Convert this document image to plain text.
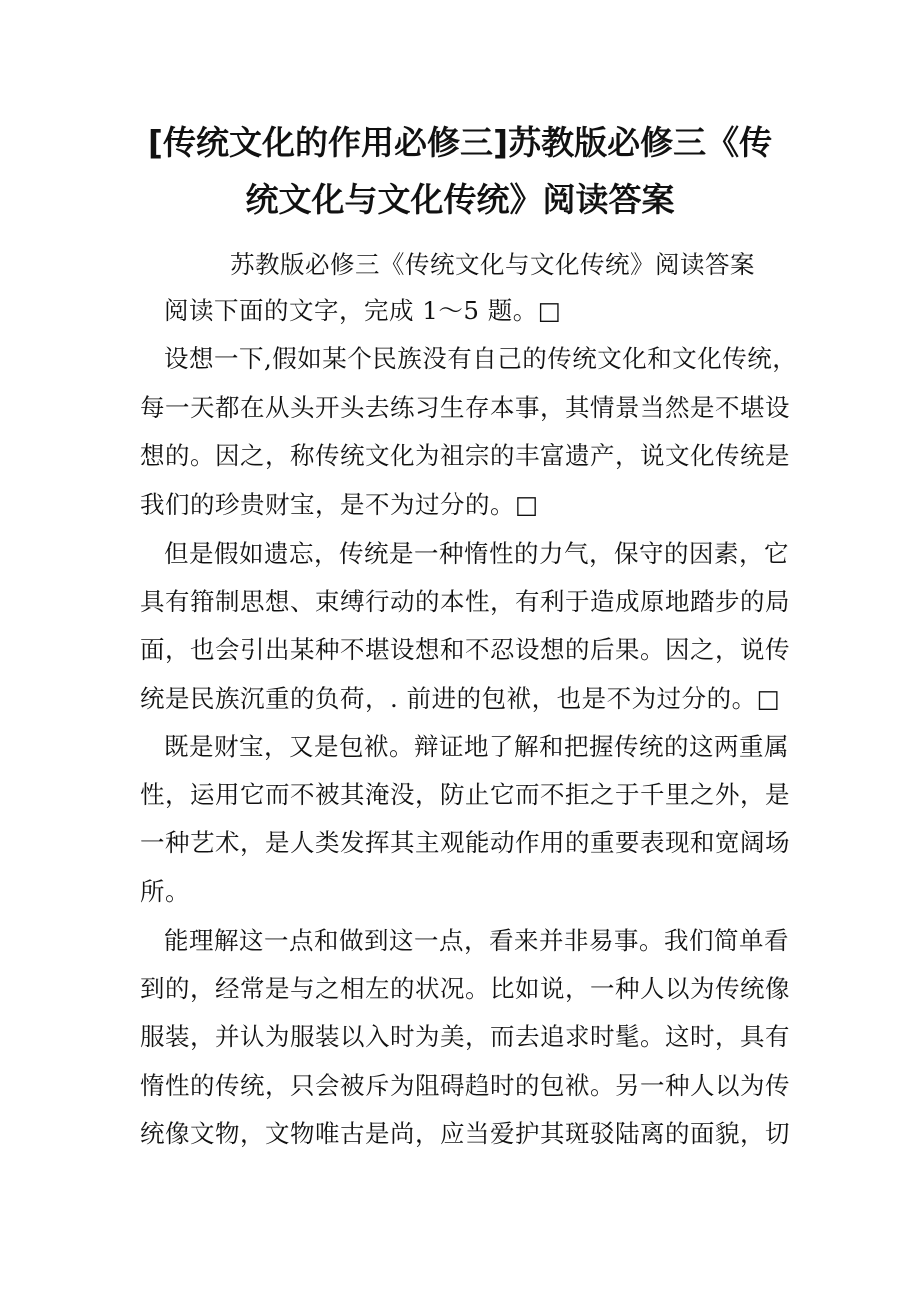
[传统文化的作用必修三]苏教版必修三《传
统文化与文化传统》阅读答案
苏教版必修三《传统文化与文化传统》阅读答案
阅读下面的文字，完成 1～5 题。□
设想一下,假如某个民族没有自己的传统文化和文化传统，
每一天都在从头开头去练习生存本事，其情景当然是不堪设
想的。因之，称传统文化为祖宗的丰富遗产，说文化传统是
我们的珍贵财宝，是不为过分的。□
但是假如遗忘，传统是一种惰性的力气，保守的因素，它
具有箝制思想、束缚行动的本性，有利于造成原地踏步的局
面，也会引出某种不堪设想和不忍设想的后果。因之，说传
统是民族沉重的负荷，. 前进的包袱，也是不为过分的。□
既是财宝，又是包袱。辩证地了解和把握传统的这两重属
性，运用它而不被其淹没，防止它而不拒之于千里之外，是
一种艺术，是人类发挥其主观能动作用的重要表现和宽阔场
所。
能理解这一点和做到这一点，看来并非易事。我们简单看
到的，经常是与之相左的状况。比如说，一种人以为传统像
服装，并认为服装以入时为美，而去追求时髦。这时，具有
惰性的传统，只会被斥为阻碍趋时的包袱。另一种人以为传
统像文物，文物唯古是尚，应当爱护其斑驳陆离的面貌，切
